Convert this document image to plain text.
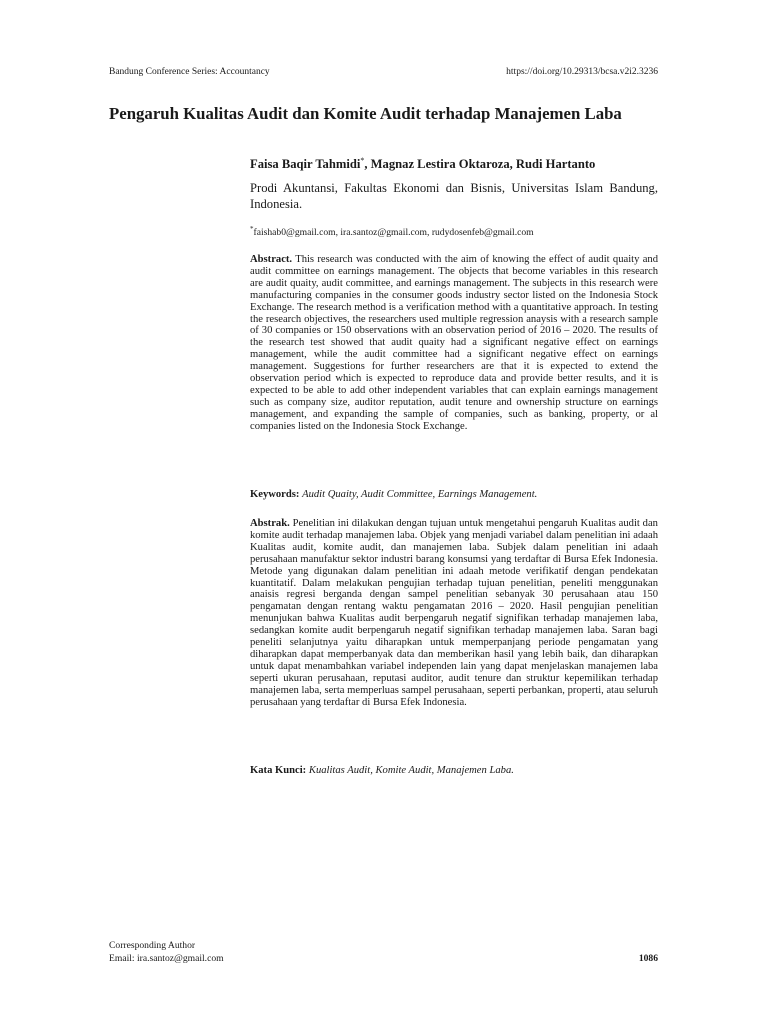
Bandung Conference Series: Accountancy	https://doi.org/10.29313/bcsa.v2i2.3236
Pengaruh Kualitas Audit dan Komite Audit terhadap Manajemen Laba
Faisa Baqir Tahmidi*, Magnaz Lestira Oktaroza, Rudi Hartanto
Prodi Akuntansi, Fakultas Ekonomi dan Bisnis, Universitas Islam Bandung, Indonesia.
*faishab0@gmail.com, ira.santoz@gmail.com, rudydosenfeb@gmail.com
Abstract. This research was conducted with the aim of knowing the effect of audit quaity and audit committee on earnings management. The objects that become variables in this research are audit quaity, audit committee, and earnings management. The subjects in this research were manufacturing companies in the consumer goods industry sector listed on the Indonesia Stock Exchange. The research method is a verification method with a quantitative approach. In testing the research objectives, the researchers used multiple regression anaysis with a research sample of 30 companies or 150 observations with an observation period of 2016 – 2020. The results of the research test showed that audit quaity had a significant negative effect on earnings management, while the audit committee had a significant negative effect on earnings management. Suggestions for further researchers are that it is expected to extend the observation period which is expected to reproduce data and provide better results, and it is expected to be able to add other independent variables that can explain earnings management such as company size, auditor reputation, audit tenure and ownership structure on earnings management, and expanding the sample of companies, such as banking, property, or al companies listed on the Indonesia Stock Exchange.
Keywords: Audit Quaity, Audit Committee, Earnings Management.
Abstrak. Penelitian ini dilakukan dengan tujuan untuk mengetahui pengaruh Kualitas audit dan komite audit terhadap manajemen laba. Objek yang menjadi variabel dalam penelitian ini adaah Kualitas audit, komite audit, dan manajemen laba. Subjek dalam penelitian ini adaah perusahaan manufaktur sektor industri barang konsumsi yang terdaftar di Bursa Efek Indonesia. Metode yang digunakan dalam penelitian ini adaah metode verifikatif dengan pendekatan kuantitatif. Dalam melakukan pengujian terhadap tujuan penelitian, peneliti menggunakan anaisis regresi berganda dengan sampel penelitian sebanyak 30 perusahaan atau 150 pengamatan dengan rentang waktu pengamatan 2016 – 2020. Hasil pengujian penelitian menunjukan bahwa Kualitas audit berpengaruh negatif signifikan terhadap manajemen laba, sedangkan komite audit berpengaruh negatif signifikan terhadap manajemen laba. Saran bagi peneliti selanjutnya yaitu diharapkan untuk memperpanjang periode pengamatan yang diharapkan dapat memperbanyak data dan memberikan hasil yang lebih baik, dan diharapkan untuk dapat menambahkan variabel independen lain yang dapat menjelaskan manajemen laba seperti ukuran perusahaan, reputasi auditor, audit tenure dan struktur kepemilikan terhadap manajemen laba, serta memperluas sampel perusahaan, seperti perbankan, properti, atau seluruh perusahaan yang terdaftar di Bursa Efek Indonesia.
Kata Kunci: Kualitas Audit, Komite Audit, Manajemen Laba.
Corresponding Author
Email: ira.santoz@gmail.com	1086
